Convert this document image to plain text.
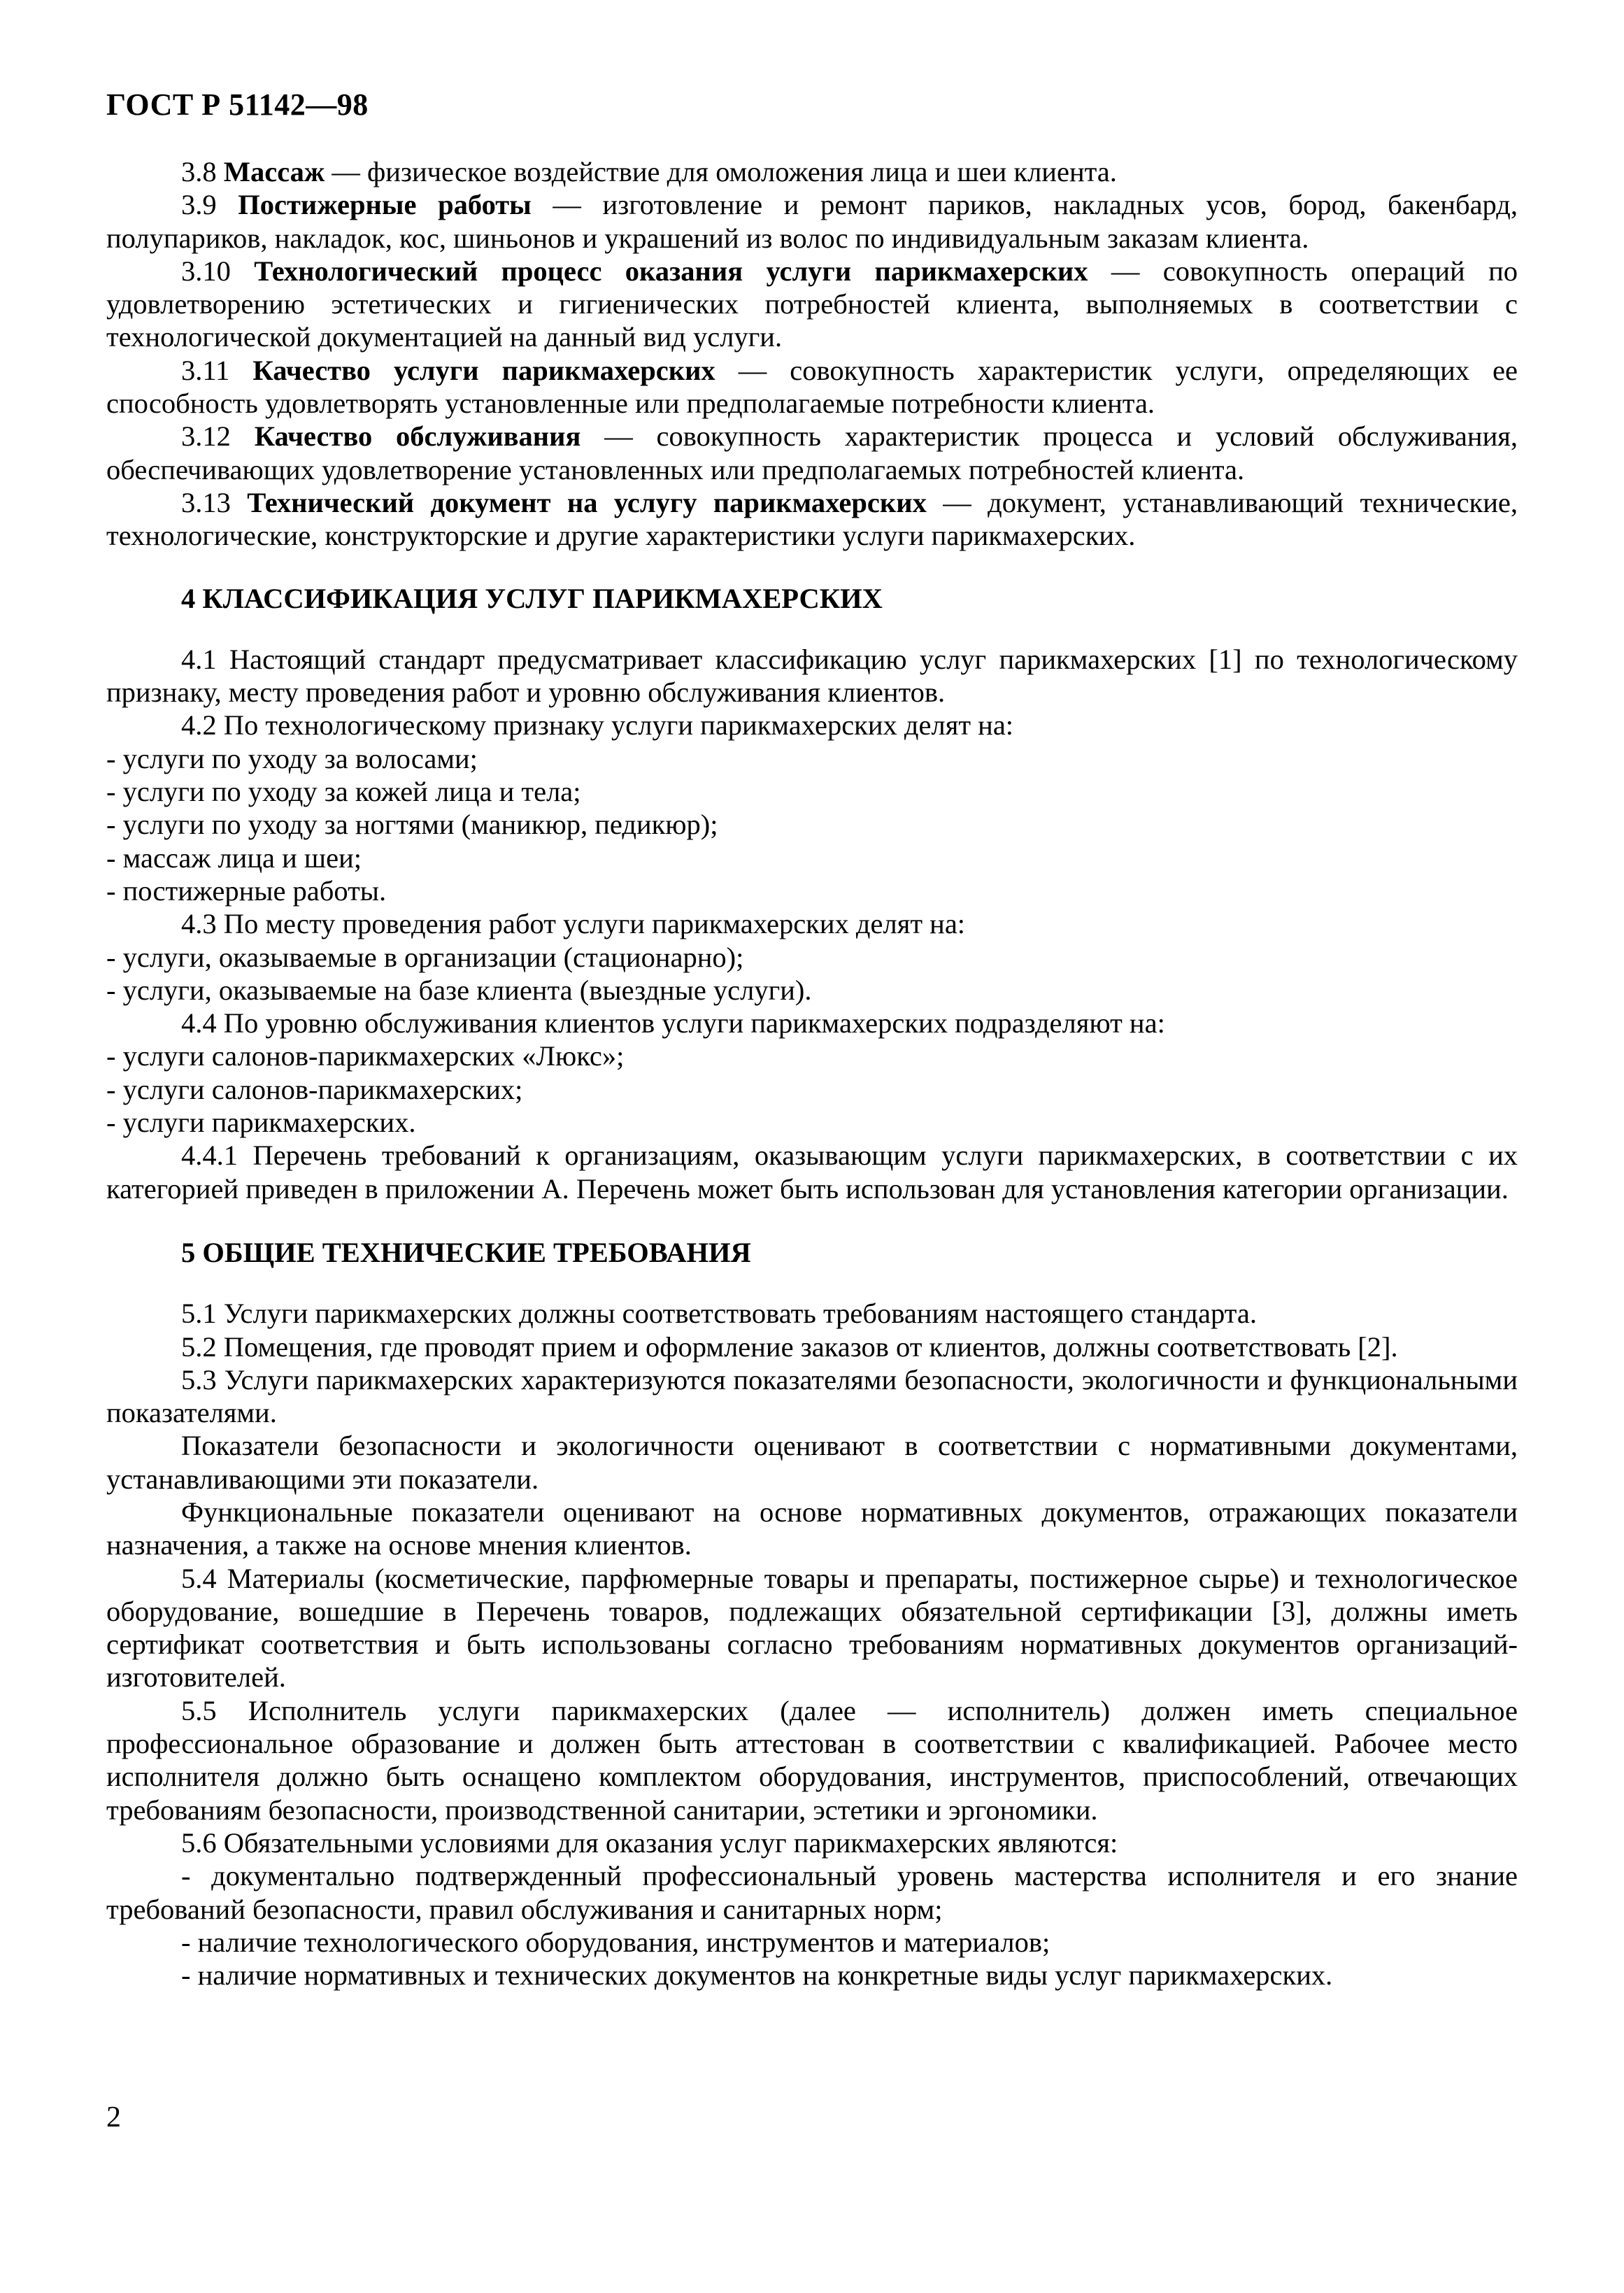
ГОСТ Р 51142—98

3.8 Массаж — физическое воздействие для омоложения лица и шеи клиента.

3.9 Постижерные работы — изготовление и ремонт париков, накладных усов, бород, бакенбард, полупариков, накладок, кос, шиньонов и украшений из волос по индивидуальным заказам клиента.

3.10 Технологический процесс оказания услуги парикмахерских — совокупность операций по удовлетворению эстетических и гигиенических потребностей клиента, выполняемых в соответствии с технологической документацией на данный вид услуги.

3.11 Качество услуги парикмахерских — совокупность характеристик услуги, определяющих ее способность удовлетворять установленные или предполагаемые потребности клиента.

3.12 Качество обслуживания — совокупность характеристик процесса и условий обслуживания, обеспечивающих удовлетворение установленных или предполагаемых потребностей клиента.

3.13 Технический документ на услугу парикмахерских — документ, устанавливающий технические, технологические, конструкторские и другие характеристики услуги парикмахерских.

4 КЛАССИФИКАЦИЯ УСЛУГ ПАРИКМАХЕРСКИХ

4.1 Настоящий стандарт предусматривает классификацию услуг парикмахерских [1] по технологическому признаку, месту проведения работ и уровню обслуживания клиентов.

4.2 По технологическому признаку услуги парикмахерских делят на:

- услуги по уходу за волосами;

- услуги по уходу за кожей лица и тела;

- услуги по уходу за ногтями (маникюр, педикюр);

- массаж лица и шеи;

- постижерные работы.

4.3 По месту проведения работ услуги парикмахерских делят на:

- услуги, оказываемые в организации (стационарно);

- услуги, оказываемые на базе клиента (выездные услуги).

4.4 По уровню обслуживания клиентов услуги парикмахерских подразделяют на:

- услуги салонов-парикмахерских «Люкс»;

- услуги салонов-парикмахерских;

- услуги парикмахерских.

4.4.1 Перечень требований к организациям, оказывающим услуги парикмахерских, в соответствии с их категорией приведен в приложении А. Перечень может быть использован для установления категории организации.

5 ОБЩИЕ ТЕХНИЧЕСКИЕ ТРЕБОВАНИЯ

5.1 Услуги парикмахерских должны соответствовать требованиям настоящего стандарта.

5.2 Помещения, где проводят прием и оформление заказов от клиентов, должны соответствовать [2].

5.3 Услуги парикмахерских характеризуются показателями безопасности, экологичности и функциональными показателями.

Показатели безопасности и экологичности оценивают в соответствии с нормативными документами, устанавливающими эти показатели.

Функциональные показатели оценивают на основе нормативных документов, отражающих показатели назначения, а также на основе мнения клиентов.

5.4 Материалы (косметические, парфюмерные товары и препараты, постижерное сырье) и технологическое оборудование, вошедшие в Перечень товаров, подлежащих обязательной сертификации [3], должны иметь сертификат соответствия и быть использованы согласно требованиям нормативных документов организаций-изготовителей.

5.5 Исполнитель услуги парикмахерских (далее — исполнитель) должен иметь специальное профессиональное образование и должен быть аттестован в соответствии с квалификацией. Рабочее место исполнителя должно быть оснащено комплектом оборудования, инструментов, приспособлений, отвечающих требованиям безопасности, производственной санитарии, эстетики и эргономики.

5.6 Обязательными условиями для оказания услуг парикмахерских являются:

- документально подтвержденный профессиональный уровень мастерства исполнителя и его знание требований безопасности, правил обслуживания и санитарных норм;

- наличие технологического оборудования, инструментов и материалов;

- наличие нормативных и технических документов на конкретные виды услуг парикмахерских.

2
